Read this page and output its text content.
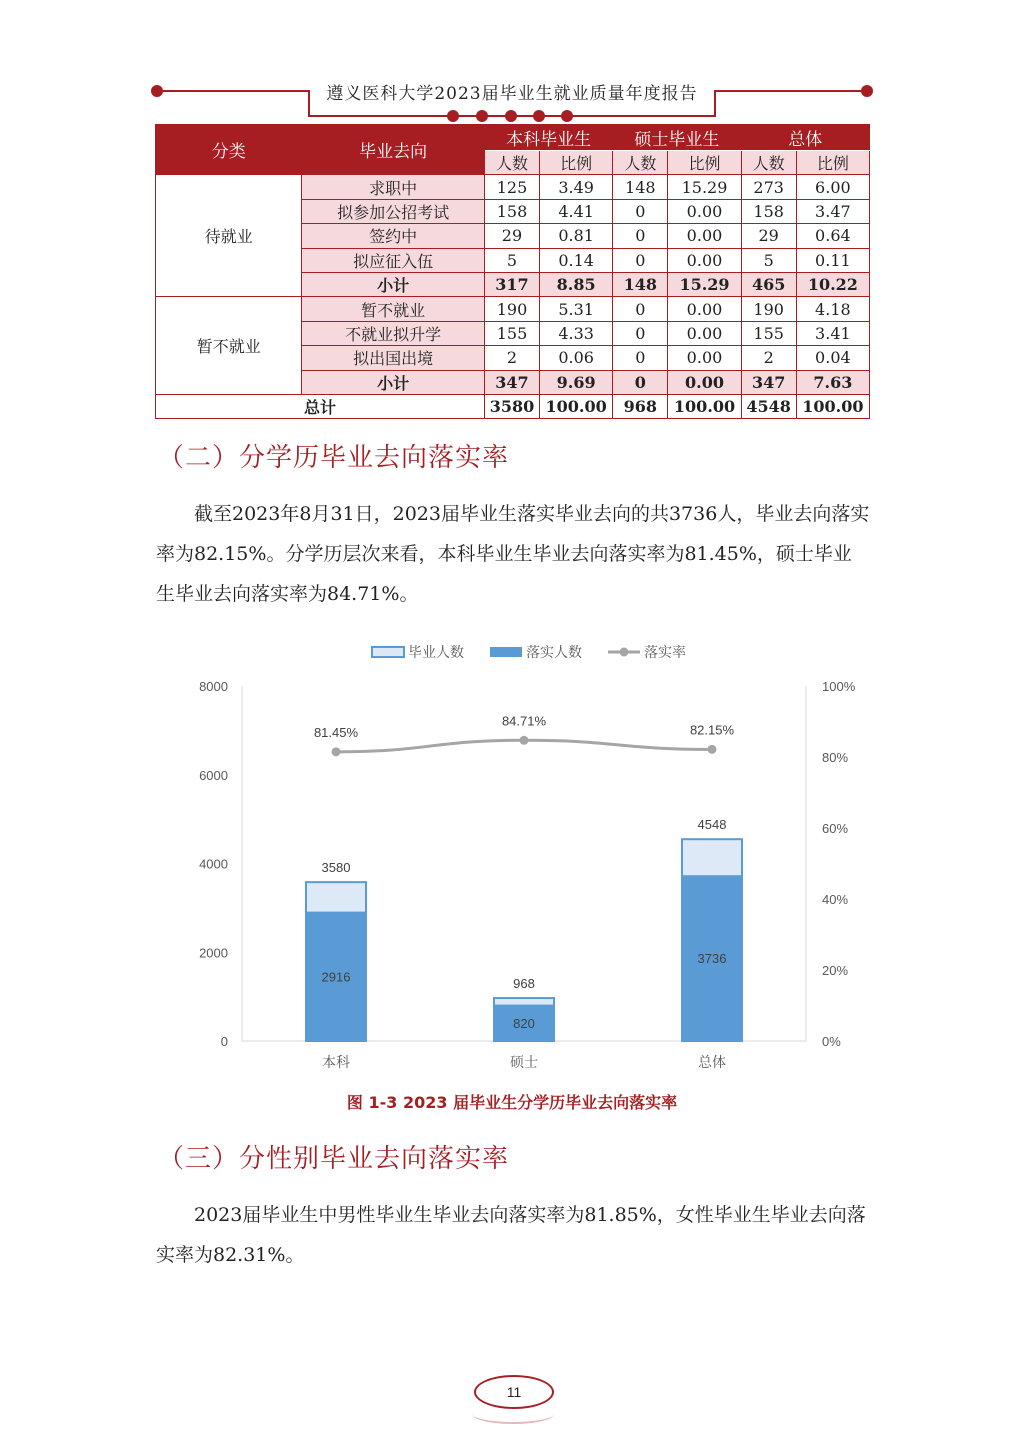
遵义医科大学2023届毕业生就业质量年度报告
分类	毕业去向	本科毕业生		硕士毕业生		总体	
		人数	比例	人数	比例	人数	比例
待就业	求职中	125	3.49	148	15.29	273	6.00
	拟参加公招考试	158	4.41	0	0.00	158	3.47
	签约中	29	0.81	0	0.00	29	0.64
	拟应征入伍	5	0.14	0	0.00	5	0.11
	小计	317	8.85	148	15.29	465	10.22
暂不就业	暂不就业	190	5.31	0	0.00	190	4.18
	不就业拟升学	155	4.33	0	0.00	155	3.41
	拟出国出境	2	0.06	0	0.00	2	0.04
	小计	347	9.69	0	0.00	347	7.63
总计		3580	100.00	968	100.00	4548	100.00
（二）分学历毕业去向落实率
截至2023年8月31日，2023届毕业生落实毕业去向的共3736人，毕业去向落实率为82.15%。分学历层次来看，本科毕业生毕业去向落实率为81.45%，硕士毕业生毕业去向落实率为84.71%。
0
2000
4000
6000
8000
0%
20%
40%
60%
80%
100%
3580
2916
本科
968
820
硕士
4548
3736
总体
81.45%
84.71%
82.15%
毕业人数	落实人数	落实率
图 1-3 2023 届毕业生分学历毕业去向落实率
（三）分性别毕业去向落实率
2023届毕业生中男性毕业生毕业去向落实率为81.85%，女性毕业生毕业去向落实率为82.31%。
11
